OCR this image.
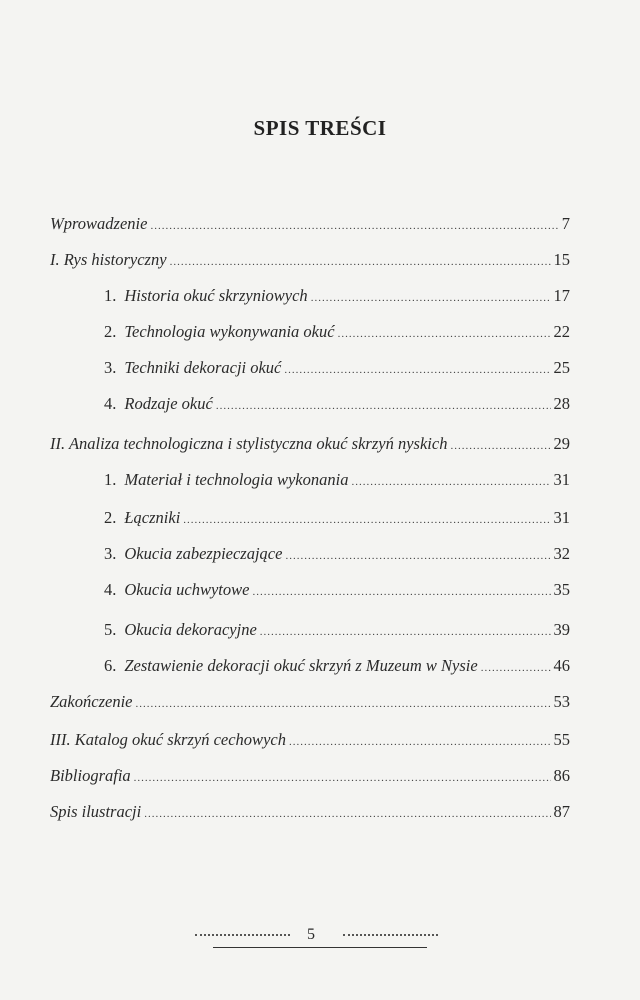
SPIS TREŚCI
Wprowadzenie .....	7
I. Rys historyczny .....	15
1. Historia okuć skrzyniowych .....	17
2. Technologia wykonywania okuć .....	22
3. Techniki dekoracji okuć .....	25
4. Rodzaje okuć .....	28
II. Analiza technologiczna i stylistyczna okuć skrzyń nyskich .....	29
1. Materiał i technologia wykonania .....	31
2. Łączniki .....	31
3. Okucia zabezpieczające .....	32
4. Okucia uchwytowe .....	35
5. Okucia dekoracyjne .....	39
6. Zestawienie dekoracji okuć skrzyń z Muzeum w Nysie .....	46
Zakończenie .....	53
III. Katalog okuć skrzyń cechowych .....	55
Bibliografia .....	86
Spis ilustracji .....	87
5
